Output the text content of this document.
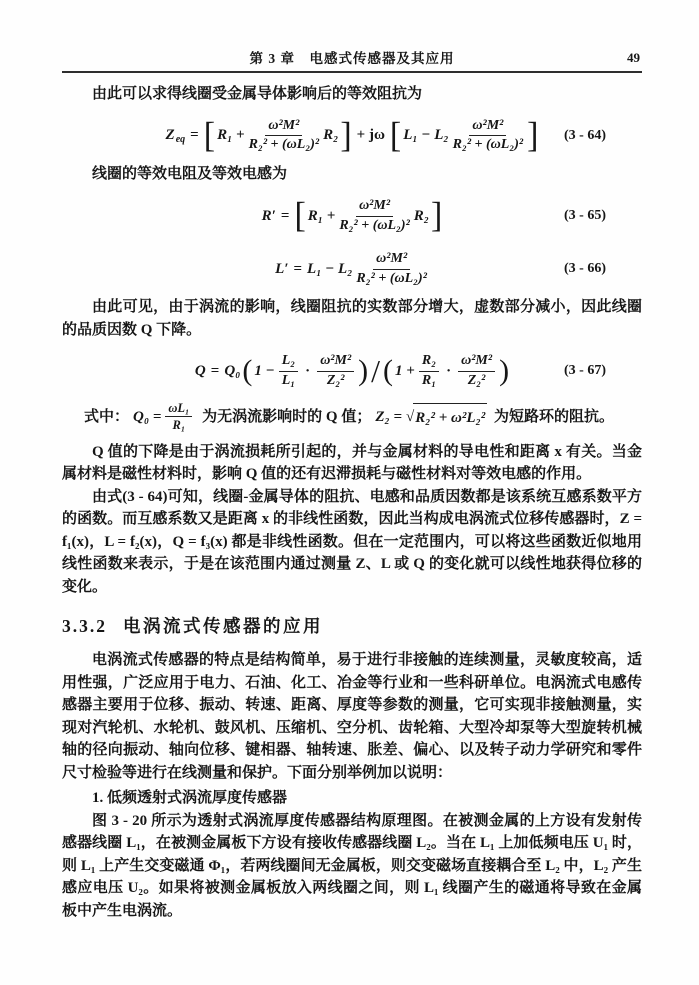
第 3 章　电感式传感器及其应用	49

由此可以求得线圈受金属导体影响后的等效阻抗为

Z eq = [ $R_1 + \frac{\text{ω²M²}}{\text{R₂² + (ωL₂)²}} R_2$ ] + jω [ $L_1 - L_2 \frac{\text{ω²M²}}{\text{R₂² + (ωL₂)²}}$ ] (3 - 64)

线圈的等效电阻及等效电感为

R′ = [ $R_1 + \frac{\text{ω²M²}}{\text{R₂² + (ωL₂)²}} R_2$ ]	(3 - 65)
$L' = L_1 - L_2 \frac{\text{ω²M²}}{\text{R₂² + (ωL₂)²}}$	(3 - 66)

由此可见，由于涡流的影响，线圈阻抗的实数部分增大，虚数部分减小，因此线圈的品质因数 Q 下降。

Q = Q₀ ( $1 - \frac{\text{L₂}}{\text{L₁}} \cdot \frac{\text{ω²M²}}{\text{Z₂²}}$ ) / ( $1 + \frac{\text{R₂}}{\text{R₁}} \cdot \frac{\text{ω²M²}}{\text{Z₂²}}$ )	(3 - 67)
式中： $Q_0 = \frac{\text{ωL₁}}{\text{R₁}}$ 为无涡流影响时的 Q 值； Z₂ = √ R₂² + ω²L₂² 为短路环的阻抗。

Q 值的下降是由于涡流损耗所引起的，并与金属材料的导电性和距离 x 有关。当金属材料是磁性材料时，影响 Q 值的还有迟滞损耗与磁性材料对等效电感的作用。

由式(3 - 64)可知，线圈-金属导体的阻抗、电感和品质因数都是该系统互感系数平方的函数。而互感系数又是距离 x 的非线性函数，因此当构成电涡流式位移传感器时，Z = f₁(x)，L = f₂(x)，Q = f₃(x) 都是非线性函数。但在一定范围内，可以将这些函数近似地用线性函数来表示，于是在该范围内通过测量 Z、L 或 Q 的变化就可以线性地获得位移的变化。

3.3.2 电涡流式传感器的应用

电涡流式传感器的特点是结构简单，易于进行非接触的连续测量，灵敏度较高，适用性强，广泛应用于电力、石油、化工、冶金等行业和一些科研单位。电涡流式电感传感器主要用于位移、振动、转速、距离、厚度等参数的测量，它可实现非接触测量，实现对汽轮机、水轮机、鼓风机、压缩机、空分机、齿轮箱、大型冷却泵等大型旋转机械轴的径向振动、轴向位移、键相器、轴转速、胀差、偏心、以及转子动力学研究和零件尺寸检验等进行在线测量和保护。下面分别举例加以说明：

1. 低频透射式涡流厚度传感器

图 3 - 20 所示为透射式涡流厚度传感器结构原理图。在被测金属的上方设有发射传感器线圈 L₁，在被测金属板下方设有接收传感器线圈 L₂。当在 L₁ 上加低频电压 U₁ 时，则 L₁ 上产生交变磁通 Φ₁，若两线圈间无金属板，则交变磁场直接耦合至 L₂ 中，L₂ 产生感应电压 U₂。如果将被测金属板放入两线圈之间，则 L₁ 线圈产生的磁通将导致在金属板中产生电涡流。
